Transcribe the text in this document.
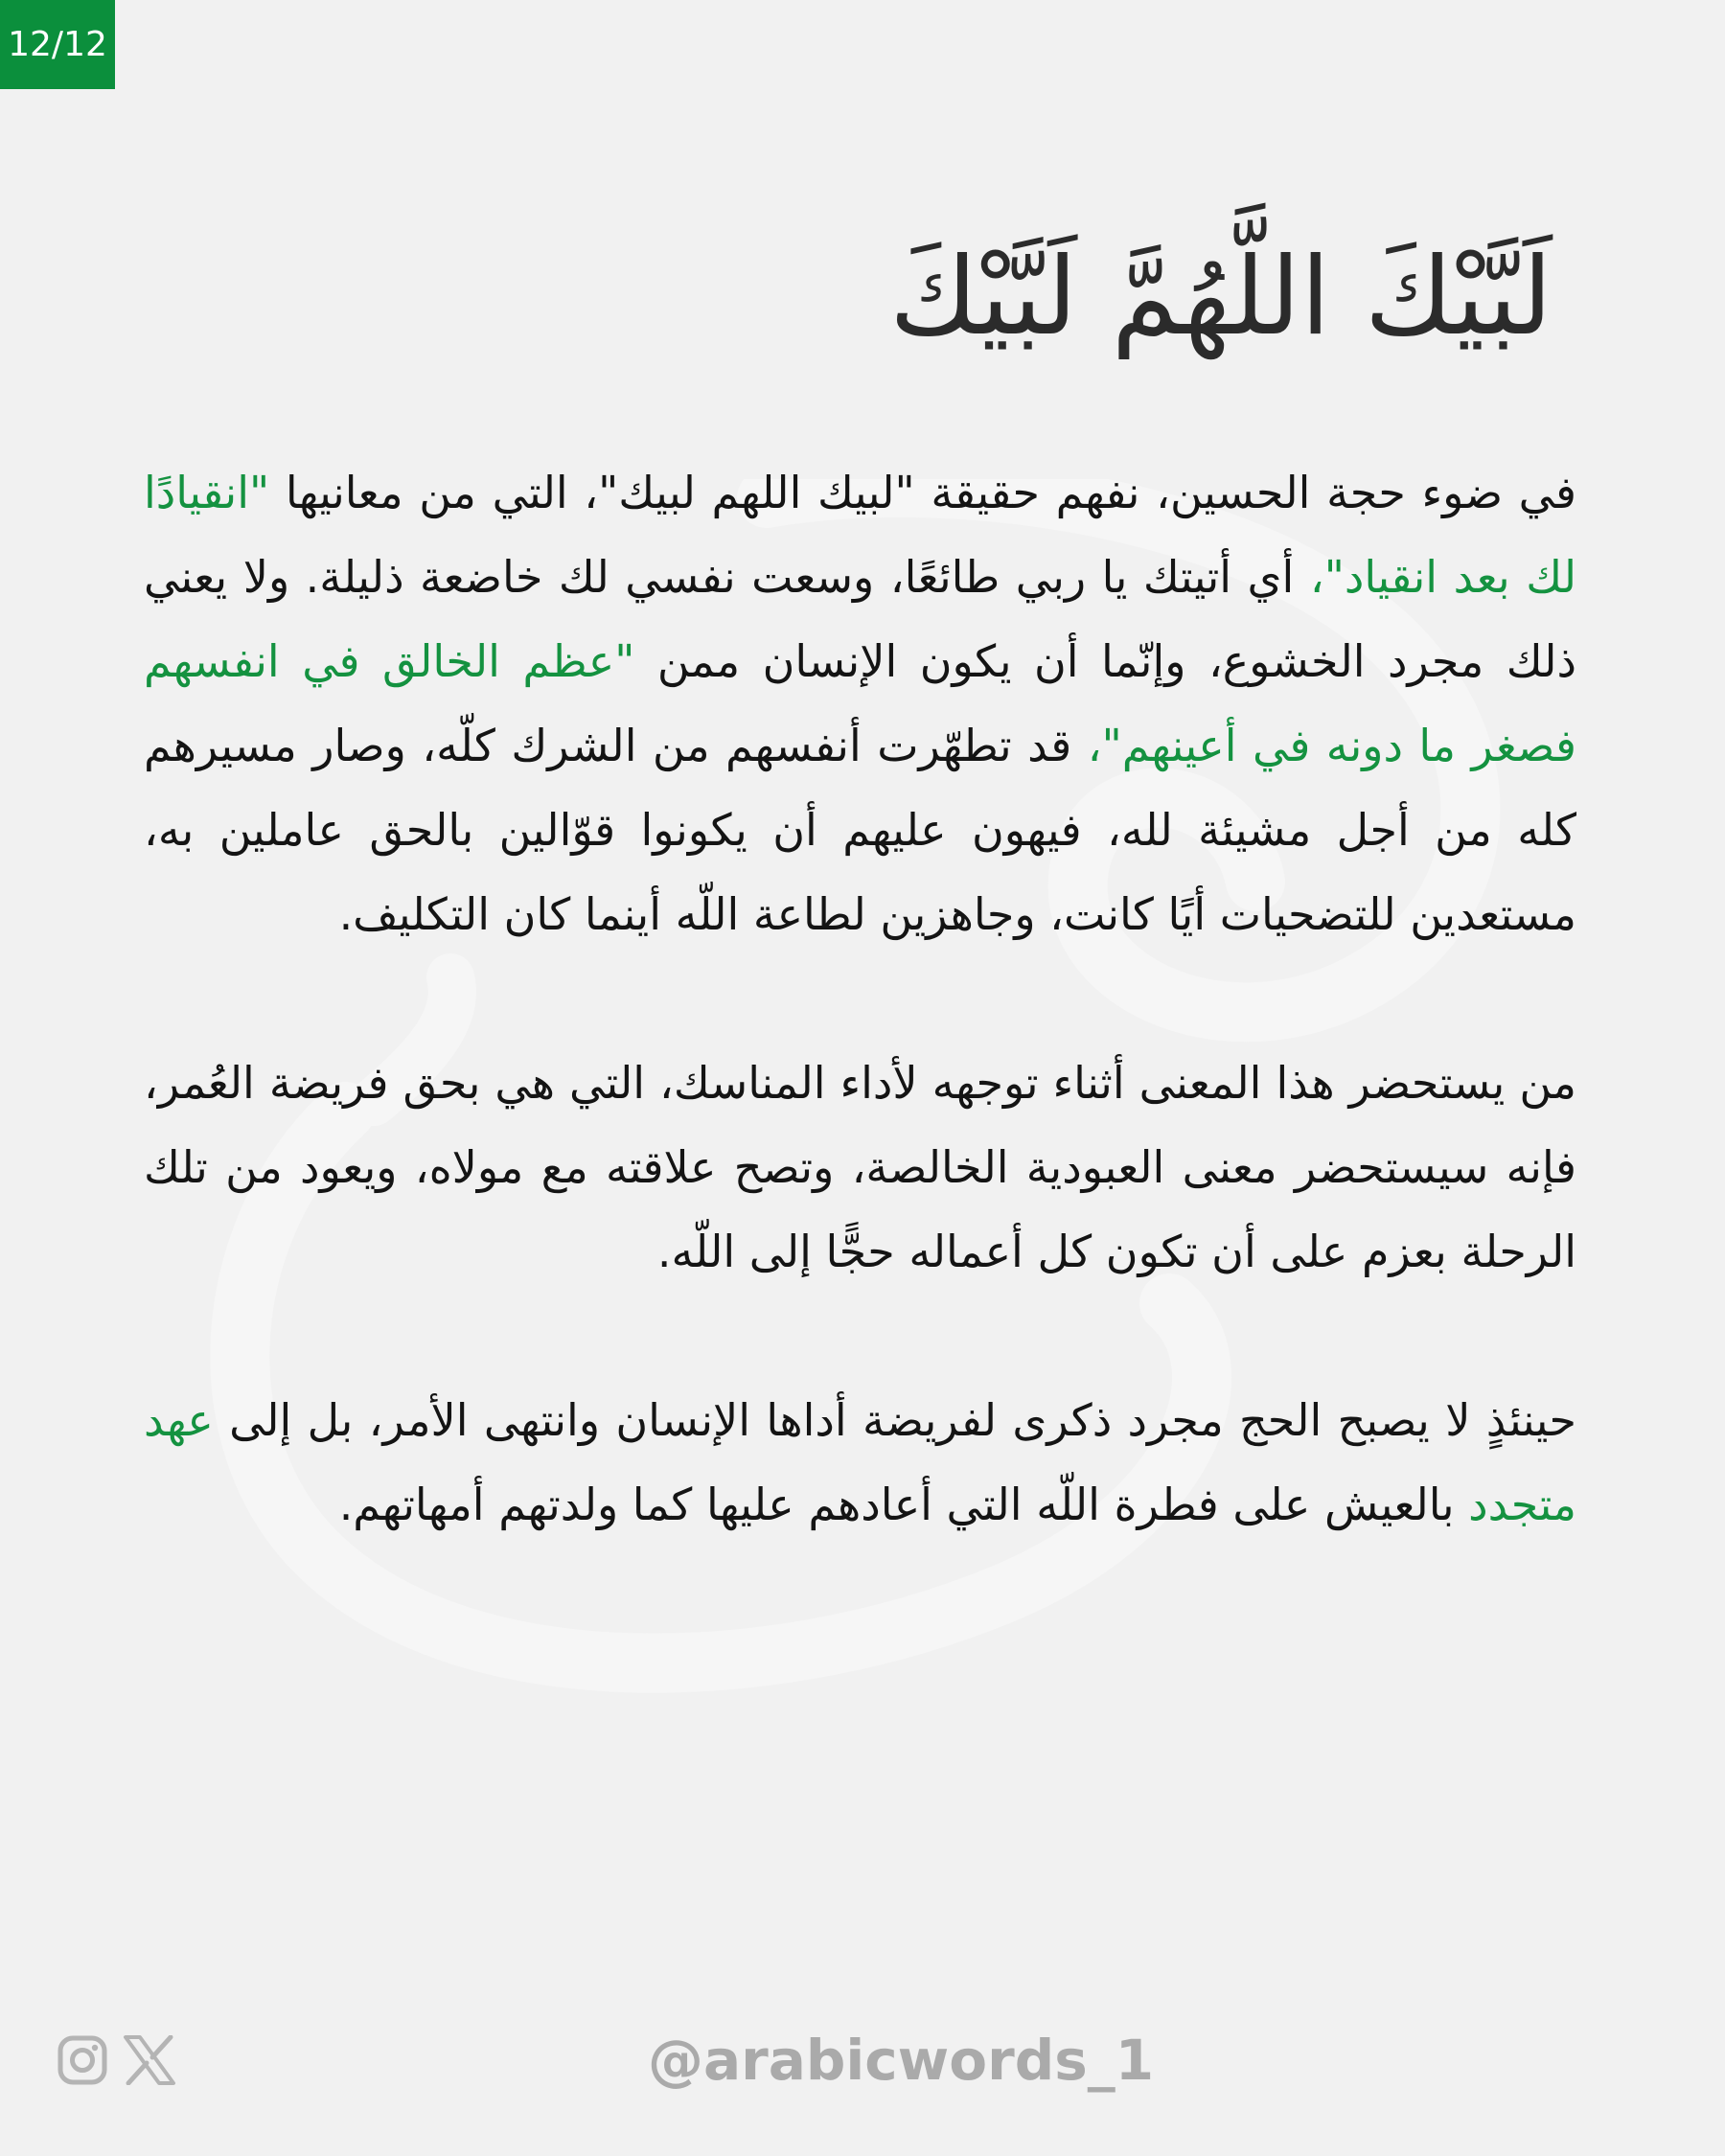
12/12
لَبَّيْكَ اللَّهُمَّ لَبَّيْكَ

في ضوء حجة الحسين، نفهم حقيقة "لبيك اللهم لبيك"، التي من معانيها "انقيادًا لك بعد انقياد"، أي أتيتك يا ربي طائعًا، وسعت نفسي لك خاضعة ذليلة. ولا يعني ذلك مجرد الخشوع، وإنّما أن يكون الإنسان ممن "عظم الخالق في انفسهم فصغر ما دونه في أعينهم"، قد تطهّرت أنفسهم من الشرك كلّه، وصار مسيرهم كله من أجل مشيئة لله، فيهون عليهم أن يكونوا قوّالين بالحق عاملين به، مستعدين للتضحيات أيًا كانت، وجاهزين لطاعة اللّه أينما كان التكليف.

من يستحضر هذا المعنى أثناء توجهه لأداء المناسك، التي هي بحق فريضة العُمر، فإنه سيستحضر معنى العبودية الخالصة، وتصح علاقته مع مولاه، ويعود من تلك الرحلة بعزم على أن تكون كل أعماله حجًّا إلى اللّه.

حينئذٍ لا يصبح الحج مجرد ذكرى لفريضة أداها الإنسان وانتهى الأمر، بل إلى عهد متجدد بالعيش على فطرة اللّه التي أعادهم عليها كما ولدتهم أمهاتهم.

@arabicwords_1
